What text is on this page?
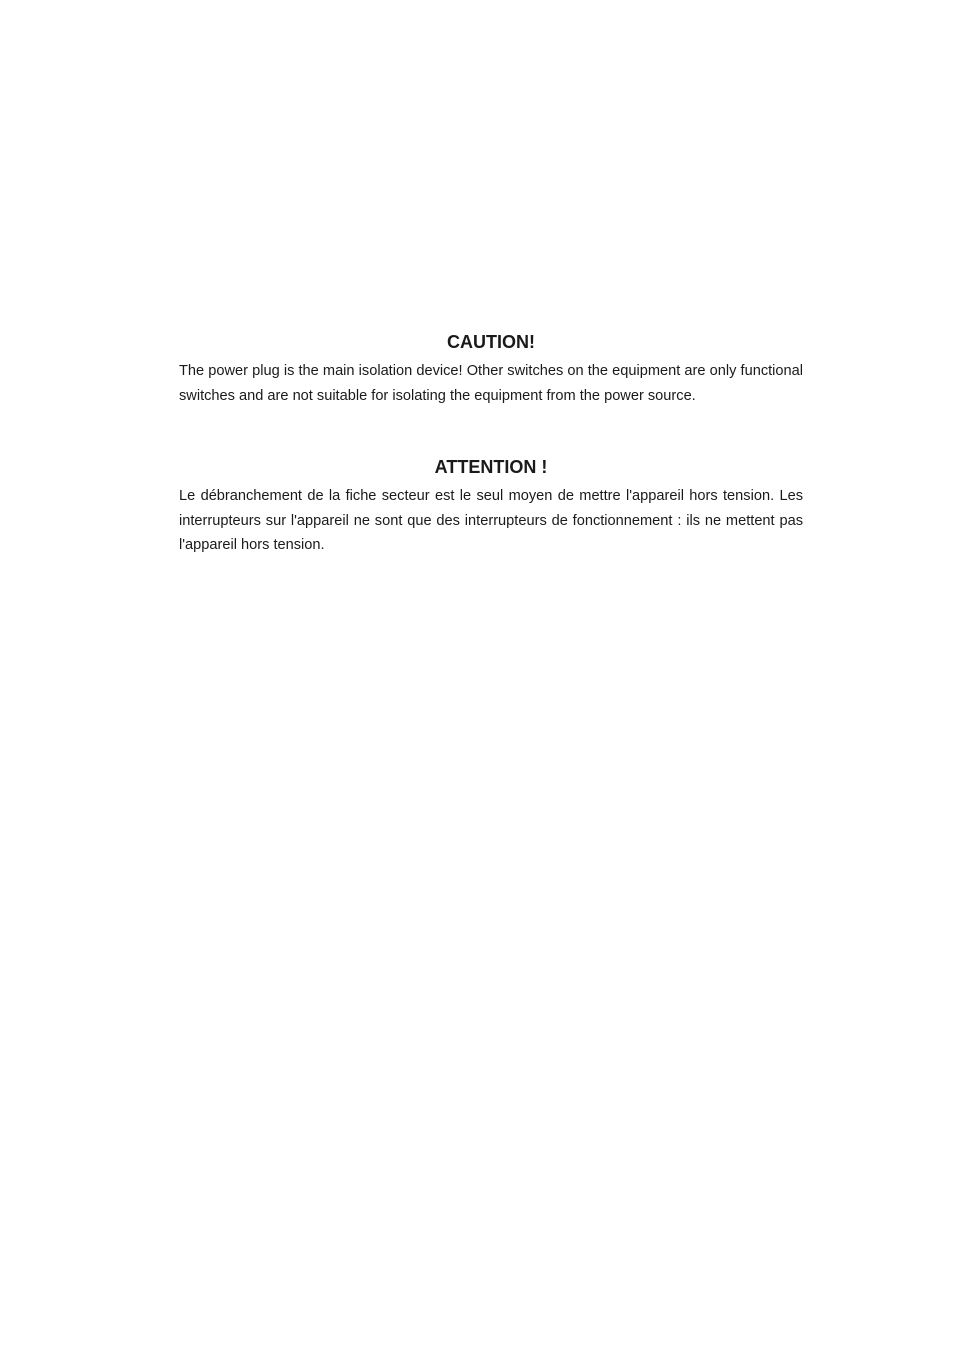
CAUTION!

The power plug is the main isolation device! Other switches on the equipment are only functional switches and are not suitable for isolating the equipment from the power source.

ATTENTION !

Le débranchement de la fiche secteur est le seul moyen de mettre l'appareil hors tension. Les interrupteurs sur l'appareil ne sont que des interrupteurs de fonctionnement : ils ne mettent pas l'appareil hors tension.
